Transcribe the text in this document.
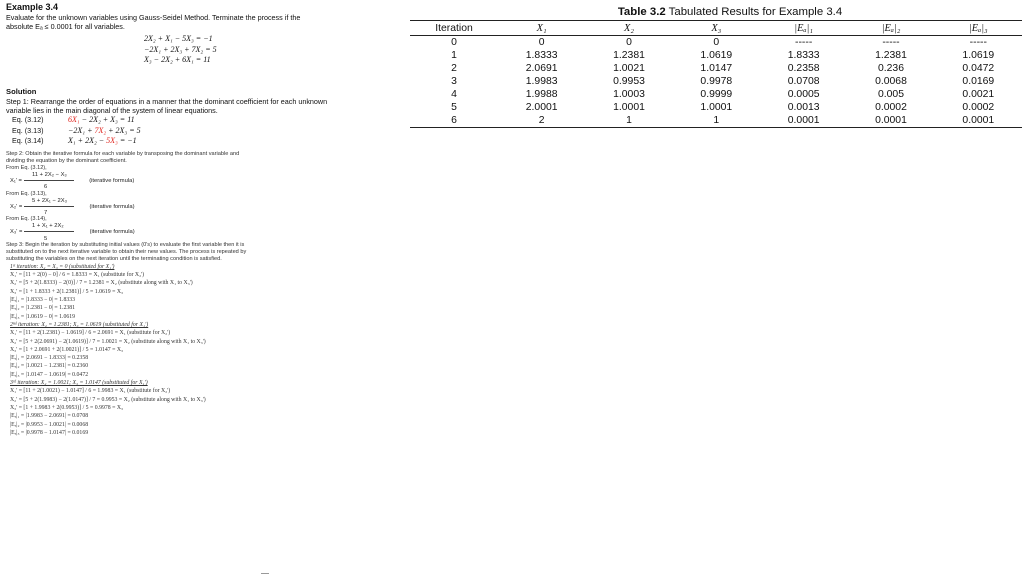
Example 3.4
Evaluate for the unknown variables using Gauss-Seidel Method. Terminate the process if the
absolute Eₐ ≤ 0.0001 for all variables.
2X₂ + X₁ − 5X₃ = −1
−2X₁ + 2X₃ + 7X₂ = 5
X₃ − 2X₂ + 6X₁ = 11
Solution
Step 1: Rearrange the order of equations in a manner that the dominant coefficient for each unknown
variable lies in the main diagonal of the system of linear equations.
Eq. (3.12)	6X₁ − 2X₂ + X₃ = 11
Eq. (3.13)	−2X₁ + 7X₂ + 2X₃ = 5
Eq. (3.14)	X₁ + 2X₂ − 5X₃ = −1
Step 2: Obtain the iterative formula for each variable by transposing the dominant variable and
dividing the equation by the dominant coefficient.
From Eq. (3.12),
11 + 2X₂ − X₃
X₁' =	(iterative formula)
6
From Eq. (3.13),
5 + 2X₁ − 2X₃
X₂' =	(iterative formula)
7
From Eq. (3.14),
1 + X₁ + 2X₂
X₃' =	(iterative formula)
5
Step 3: Begin the iteration by substituting initial values (0's) to evaluate the first variable then it is
substituted on to the next iterative variable to obtain their new values. The process is repeated by
substituting the variables on the next iteration until the terminating condition is satisfied.
1ˢᵗ iteration: X₂ = X₃ = 0 (substituted for X₁')
X₁' = [11 + 2(0) − 0] / 6 = 1.8333 = X₁ (substitute for X₂')
X₂' = [5 + 2(1.8333) − 2(0)] / 7 = 1.2381 = X₂ (substitute along with X₁ to X₃')
X₃' = [1 + 1.8333 + 2(1.2381)] / 5 = 1.0619 = X₃
|Eₐ|₁ = |1.8333 − 0| = 1.8333
|Eₐ|₂ = |1.2381 − 0| = 1.2381
|Eₐ|₃ = |1.0619 − 0| = 1.0619
2ⁿᵈ iteration: X₂ = 1.2381; X₃ = 1.0619 (substituted for X₁')
X₁' = [11 + 2(1.2381) − 1.0619] / 6 = 2.0691 = X₁ (substitute for X₂')
X₂' = [5 + 2(2.0691) − 2(1.0619)] / 7 = 1.0021 = X₂ (substitute along with X₁ to X₃')
X₃' = [1 + 2.0691 + 2(1.0021)] / 5 = 1.0147 = X₃
|Eₐ|₁ = |2.0691 − 1.8333| = 0.2358
|Eₐ|₂ = |1.0021 − 1.2381| = 0.2360
|Eₐ|₃ = |1.0147 − 1.0619| = 0.0472
3ʳᵈ iteration: X₂ = 1.0021; X₃ = 1.0147 (substituted for X₁')
X₁' = [11 + 2(1.0021) − 1.0147] / 6 = 1.9983 = X₁ (substitute for X₂')
X₂' = [5 + 2(1.9983) − 2(1.0147)] / 7 = 0.9953 = X₂ (substitute along with X₁ to X₃')
X₃' = [1 + 1.9983 + 2(0.9953)] / 5 = 0.9978 = X₃
|Eₐ|₁ = |1.9983 − 2.0691| = 0.0708
|Eₐ|₂ = |0.9953 − 1.0021| = 0.0068
|Eₐ|₃ = |0.9978 − 1.0147| = 0.0169
Table 3.2 Tabulated Results for Example 3.4
Iteration	X₁	X₂	X₃	|Eₐ|₁	|Eₐ|₂	|Eₐ|₃
0	0	0	0	-----	-----	-----
1	1.8333	1.2381	1.0619	1.8333	1.2381	1.0619
2	2.0691	1.0021	1.0147	0.2358	0.236	0.0472
3	1.9983	0.9953	0.9978	0.0708	0.0068	0.0169
4	1.9988	1.0003	0.9999	0.0005	0.005	0.0021
5	2.0001	1.0001	1.0001	0.0013	0.0002	0.0002
6	2	1	1	0.0001	0.0001	0.0001
